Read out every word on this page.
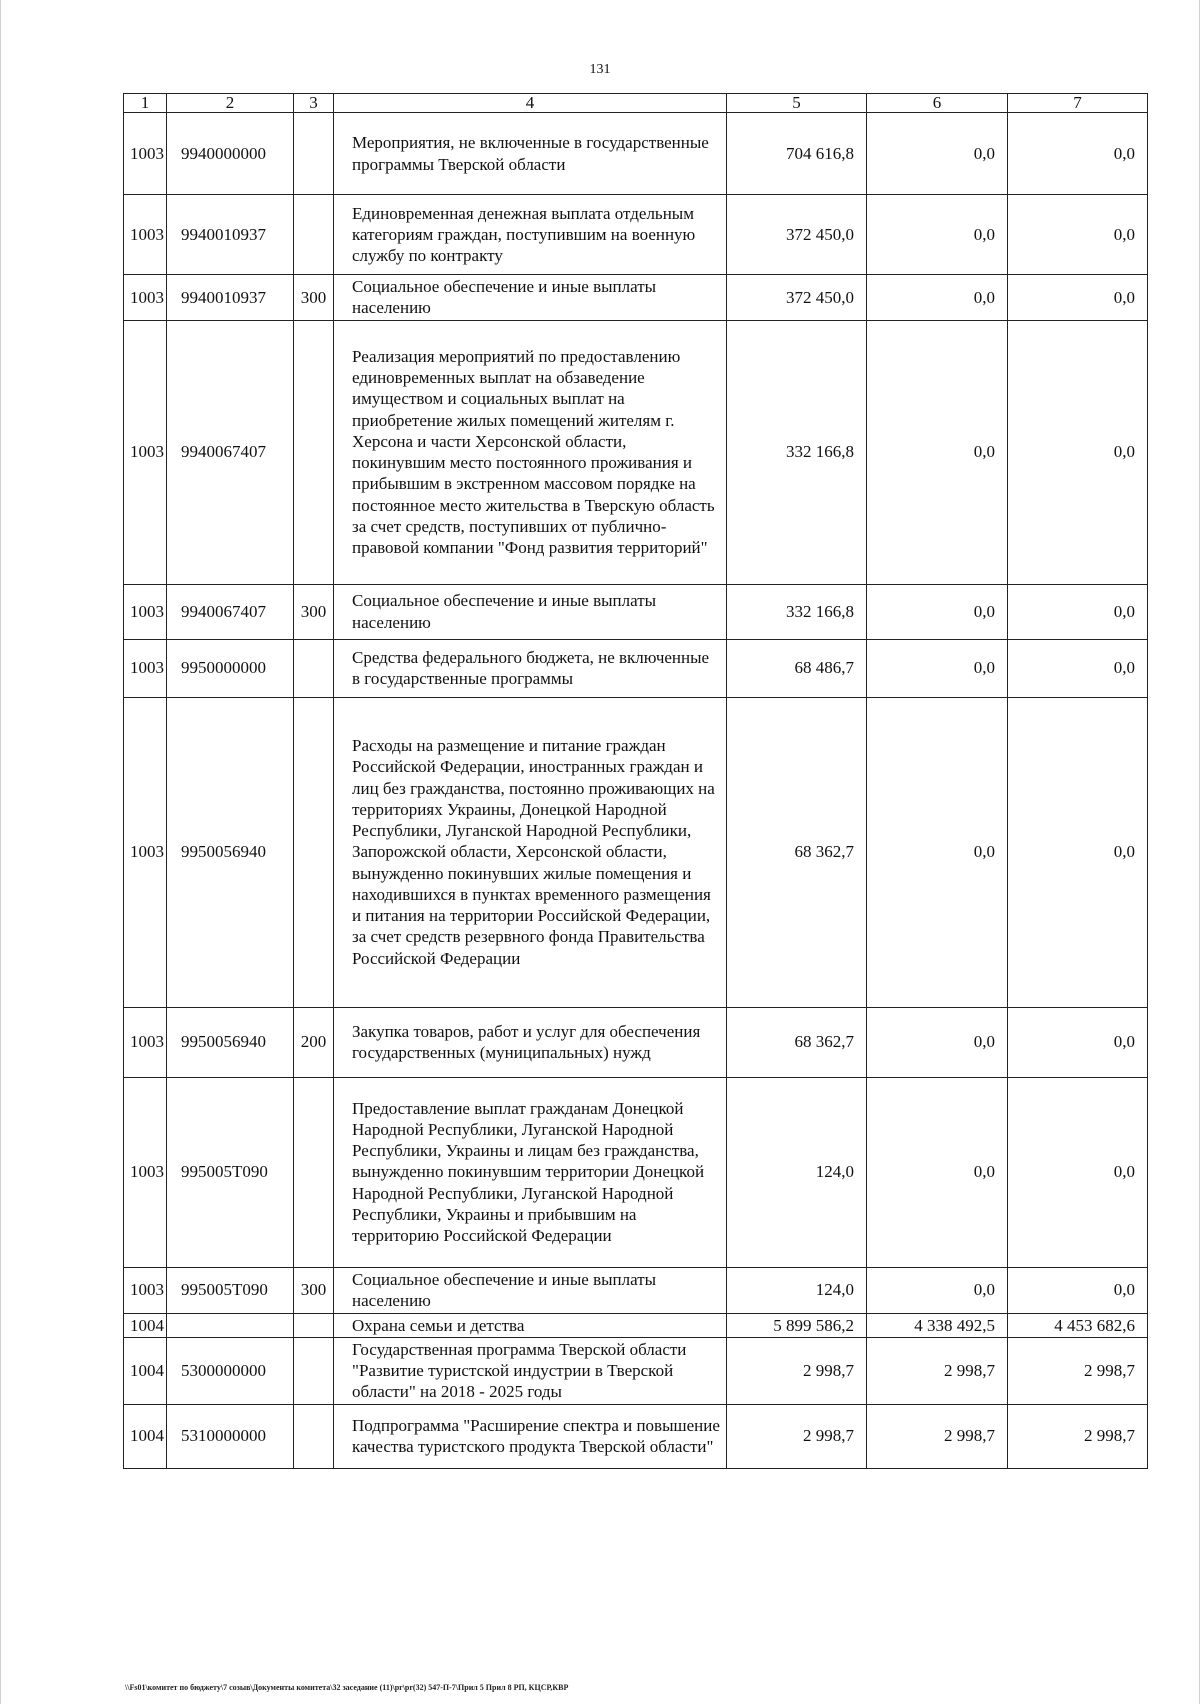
131
1	2	3	4	5	6	7
1003	9940000000		Мероприятия, не включенные в государственные программы Тверской области	704 616,8	0,0	0,0
1003	9940010937		Единовременная денежная выплата отдельным категориям граждан, поступившим на военную службу по контракту	372 450,0	0,0	0,0
1003	9940010937	300	Социальное обеспечение и иные выплаты населению	372 450,0	0,0	0,0
1003	9940067407		Реализация мероприятий по предоставлению единовременных выплат на обзаведение имуществом и социальных выплат на приобретение жилых помещений жителям г. Херсона и части Херсонской области, покинувшим место постоянного проживания и прибывшим в экстренном массовом порядке на постоянное место жительства в Тверскую область за счет средств, поступивших от публично-правовой компании "Фонд развития территорий"	332 166,8	0,0	0,0
1003	9940067407	300	Социальное обеспечение и иные выплаты населению	332 166,8	0,0	0,0
1003	9950000000		Средства федерального бюджета, не включенные в государственные программы	68 486,7	0,0	0,0
1003	9950056940		Расходы на размещение и питание граждан Российской Федерации, иностранных граждан и лиц без гражданства, постоянно проживающих на территориях Украины, Донецкой Народной Республики, Луганской Народной Республики, Запорожской области, Херсонской области, вынужденно покинувших жилые помещения и находившихся в пунктах временного размещения и питания на территории Российской Федерации, за счет средств резервного фонда Правительства Российской Федерации	68 362,7	0,0	0,0
1003	9950056940	200	Закупка товаров, работ и услуг для обеспечения государственных (муниципальных) нужд	68 362,7	0,0	0,0
1003	995005Т090		Предоставление выплат гражданам Донецкой Народной Республики, Луганской Народной Республики, Украины и лицам без гражданства, вынужденно покинувшим территории Донецкой Народной Республики, Луганской Народной Республики, Украины и прибывшим на территорию Российской Федерации	124,0	0,0	0,0
1003	995005Т090	300	Социальное обеспечение и иные выплаты населению	124,0	0,0	0,0
1004			Охрана семьи и детства	5 899 586,2	4 338 492,5	4 453 682,6
1004	5300000000		Государственная программа Тверской области "Развитие туристской индустрии в Тверской области" на 2018 - 2025 годы	2 998,7	2 998,7	2 998,7
1004	5310000000		Подпрограмма "Расширение спектра и повышение качества туристского продукта Тверской области"	2 998,7	2 998,7	2 998,7
\\Fs01\комитет по бюджету\7 созыв\Документы комитета\32 заседание (11)\pr\pr(32) 547-П-7\Прил 5 Прил 8 РП, КЦСР,КВР
